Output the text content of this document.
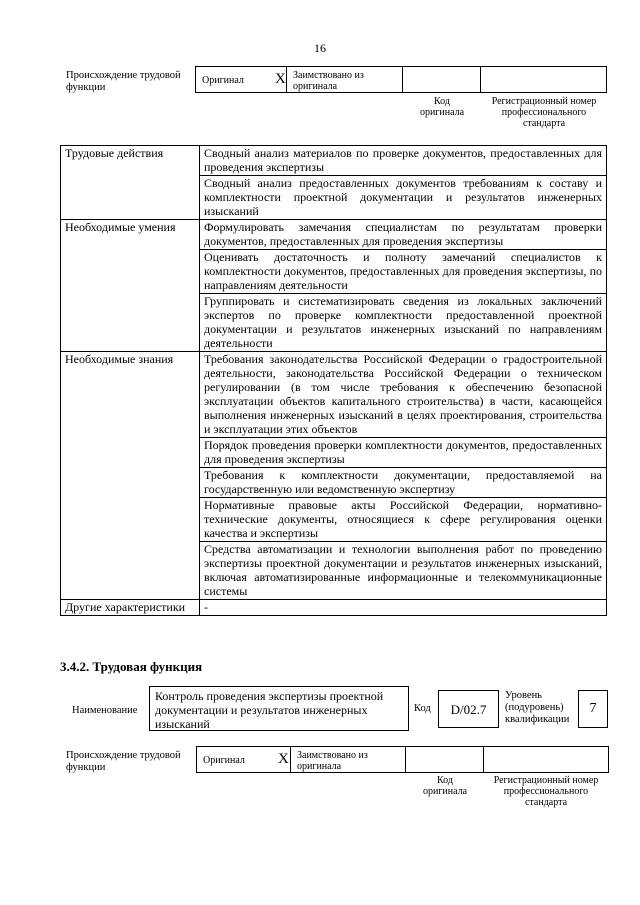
16
Происхождение трудовой функции
Оригинал X Заимствовано из оригинала
Код оригинала
Регистрационный номер профессионального стандарта
Трудовые действия	Сводный анализ материалов по проверке документов, предоставленных для проведения экспертизы
	Сводный анализ предоставленных документов требованиям к составу и комплектности проектной документации и результатов инженерных изысканий
Необходимые умения	Формулировать замечания специалистам по результатам проверки документов, предоставленных для проведения экспертизы
	Оценивать достаточность и полноту замечаний специалистов к комплектности документов, предоставленных для проведения экспертизы, по направлениям деятельности
	Группировать и систематизировать сведения из локальных заключений экспертов по проверке комплектности предоставленной проектной документации и результатов инженерных изысканий по направлениям деятельности
Необходимые знания	Требования законодательства Российской Федерации о градостроительной деятельности, законодательства Российской Федерации о техническом регулировании (в том числе требования к обеспечению безопасной эксплуатации объектов капитального строительства) в части, касающейся выполнения инженерных изысканий в целях проектирования, строительства и эксплуатации этих объектов
	Порядок проведения проверки комплектности документов, предоставленных для проведения экспертизы
	Требования к комплектности документации, предоставляемой на государственную или ведомственную экспертизу
	Нормативные правовые акты Российской Федерации, нормативно-технические документы, относящиеся к сфере регулирования оценки качества и экспертизы
	Средства автоматизации и технологии выполнения работ по проведению экспертизы проектной документации и результатов инженерных изысканий, включая автоматизированные информационные и телекоммуникационные системы
Другие характеристики	-
3.4.2. Трудовая функция
Наименование
Контроль проведения экспертизы проектной документации и результатов инженерных изысканий
Код	D/02.7
Уровень (подуровень) квалификации
7
Происхождение трудовой функции
Оригинал X Заимствовано из оригинала
Код оригинала
Регистрационный номер профессионального стандарта
